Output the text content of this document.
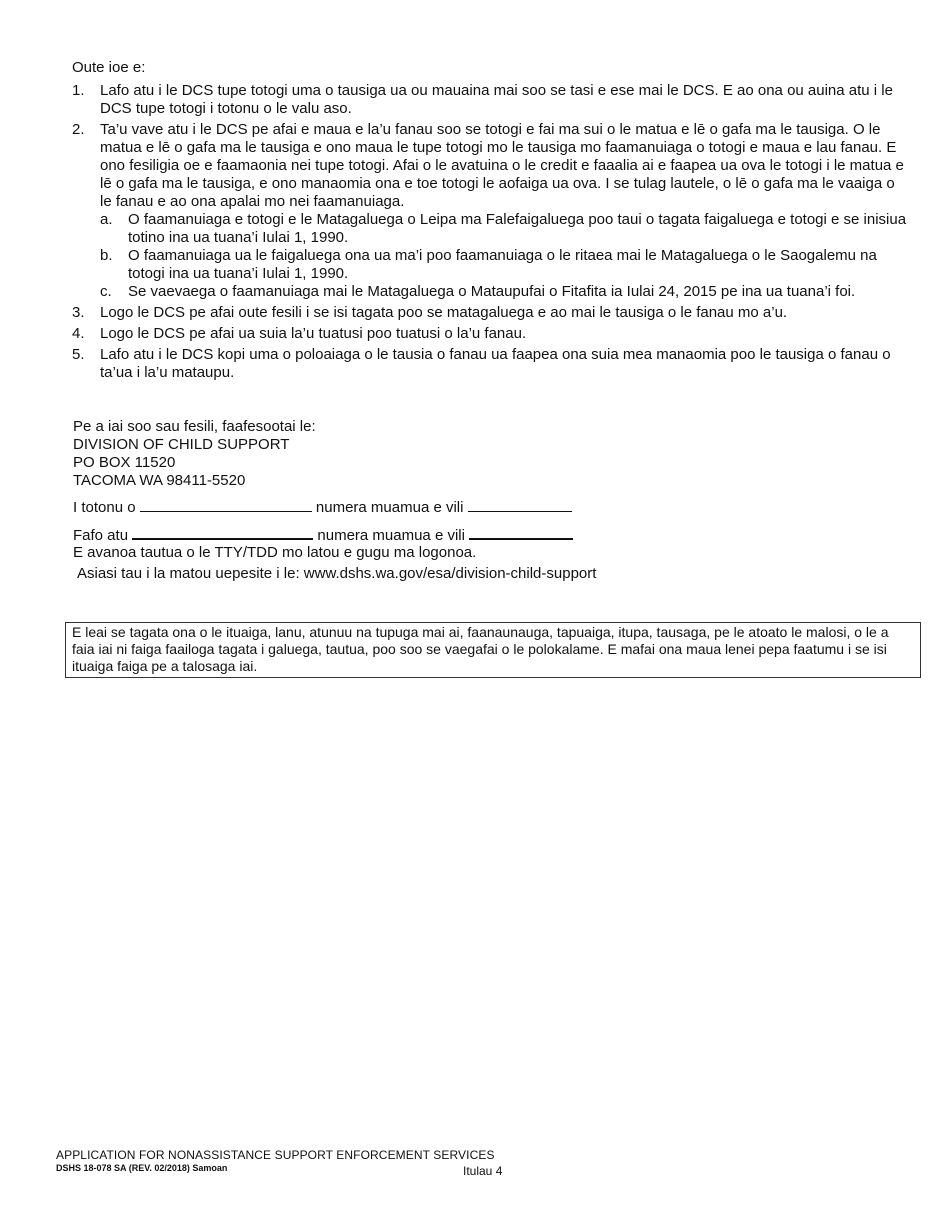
Oute ioe e:
1. Lafo atu i le DCS tupe totogi uma o tausiga ua ou mauaina mai soo se tasi e ese mai le DCS. E ao ona ou auina atu i le DCS tupe totogi i totonu o le valu aso.
2. Ta’u vave atu i le DCS pe afai e maua e la’u fanau soo se totogi e fai ma sui o le matua e lē o gafa ma le tausiga. O le matua e lē o gafa ma le tausiga e ono maua le tupe totogi mo le tausiga mo faamanuiaga o totogi e maua e lau fanau. E ono fesiligia oe e faamaonia nei tupe totogi. Afai o le avatuina o le credit e faaalia ai e faapea ua ova le totogi i le matua e lē o gafa ma le tausiga, e ono manaomia ona e toe totogi le aofaiga ua ova. I se tulag lautele, o lē o gafa ma le vaaiga o le fanau e ao ona apalai mo nei faamanuiaga.
a. O faamanuiaga e totogi e le Matagaluega o Leipa ma Falefaigaluega poo taui o tagata faigaluega e totogi e se inisiua totino ina ua tuana’i Iulai 1, 1990.
b. O faamanuiaga ua le faigaluega ona ua ma’i poo faamanuiaga o le ritaea mai le Matagaluega o le Saogalemu na totogi ina ua tuana’i Iulai 1, 1990.
c. Se vaevaega o faamanuiaga mai le Matagaluega o Mataupufai o Fitafita ia Iulai 24, 2015 pe ina ua tuana’i foi.
3. Logo le DCS pe afai oute fesili i se isi tagata poo se matagaluega e ao mai le tausiga o le fanau mo a’u.
4. Logo le DCS pe afai ua suia la’u tuatusi poo tuatusi o la’u fanau.
5. Lafo atu i le DCS kopi uma o poloaiaga o le tausia o fanau ua faapea ona suia mea manaomia poo le tausiga o fanau o ta’ua i la’u mataupu.
Pe a iai soo sau fesili, faafesootai le:
DIVISION OF CHILD SUPPORT
PO BOX 11520
TACOMA WA 98411-5520
I totonu o	numera muamua e vili
Fafo atu	numera muamua e vili
E avanoa tautua o le TTY/TDD mo latou e gugu ma logonoa.
Asiasi tau i la matou uepesite i le: www.dshs.wa.gov/esa/division-child-support
E leai se tagata ona o le ituaiga, lanu, atunuu na tupuga mai ai, faanaunauga, tapuaiga, itupa, tausaga, pe le atoato le malosi, o le a faia iai ni faiga faailoga tagata i galuega, tautua, poo soo se vaegafai o le polokalame. E mafai ona maua lenei pepa faatumu i se isi ituaiga faiga pe a talosaga iai.
APPLICATION FOR NONASSISTANCE SUPPORT ENFORCEMENT SERVICES
DSHS 18-078 SA (REV. 02/2018) Samoan	Itulau 4
